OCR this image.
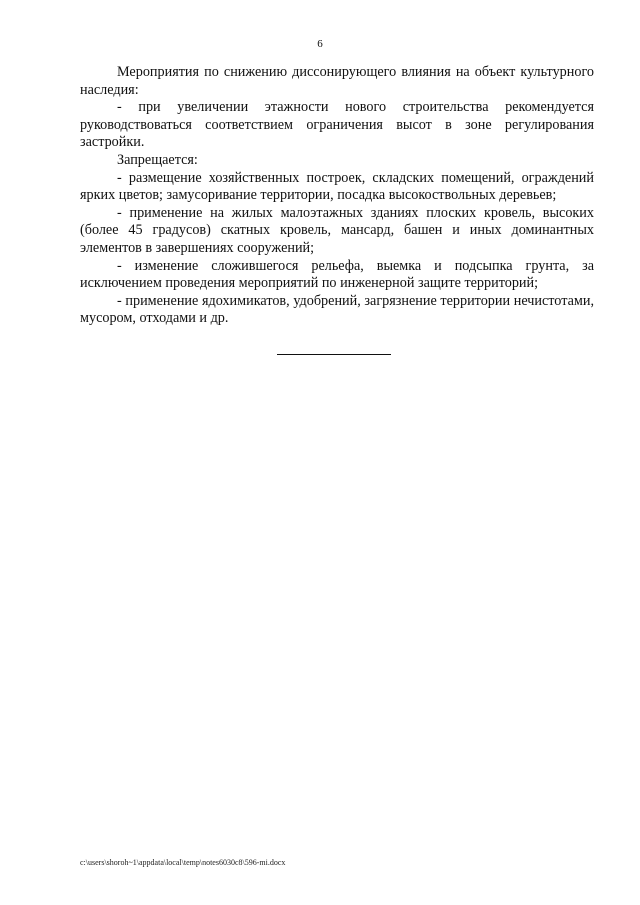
6

Мероприятия по снижению диссонирующего влияния на объект культурного наследия:

- при увеличении этажности нового строительства рекомендуется руководствоваться соответствием ограничения высот в зоне регулирования застройки.

Запрещается:

- размещение хозяйственных построек, складских помещений, ограждений ярких цветов; замусоривание территории, посадка высокоствольных деревьев;

- применение на жилых малоэтажных зданиях плоских кровель, высоких (более 45 градусов) скатных кровель, мансард, башен и иных доминантных элементов в завершениях сооружений;

- изменение сложившегося рельефа, выемка и подсыпка грунта, за исключением проведения мероприятий по инженерной защите территорий;

- применение ядохимикатов, удобрений, загрязнение территории нечистотами, мусором, отходами и др.

c:\users\shoroh~1\appdata\local\temp\notes6030c8\596-mi.docx
